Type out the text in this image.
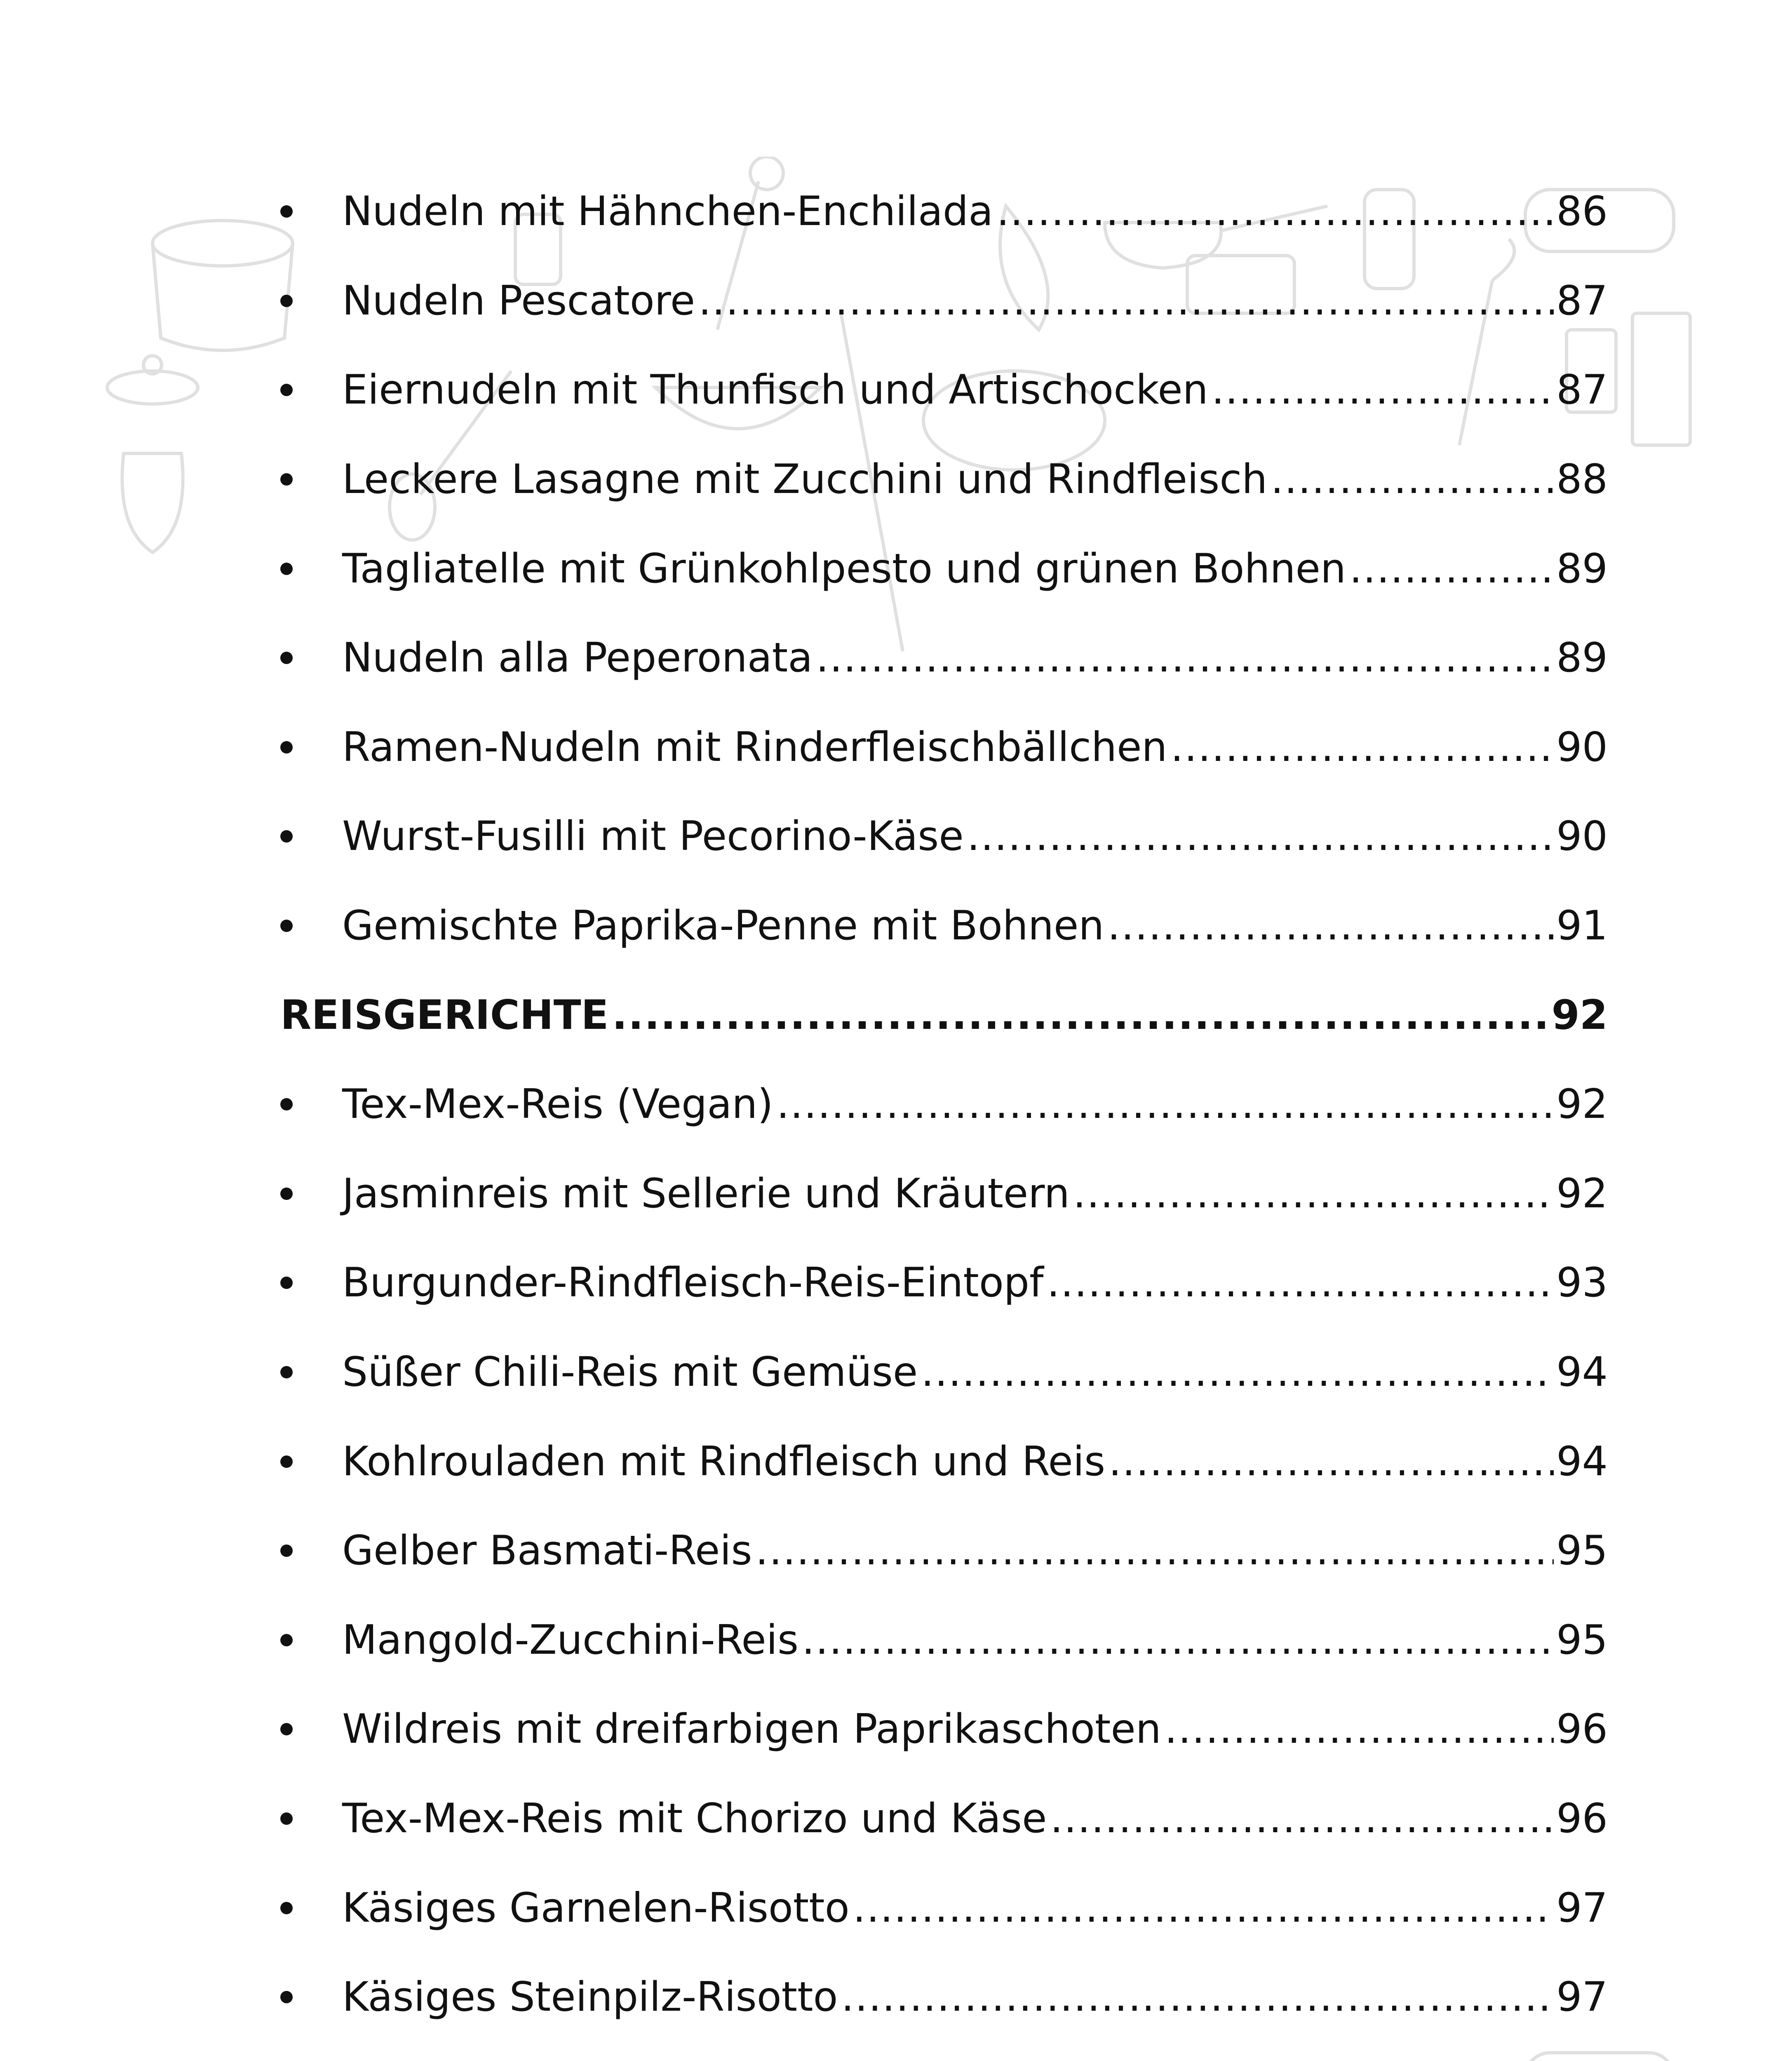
Nudeln mit Hähnchen-Enchilada .....	86
Nudeln Pescatore .....	87
Eiernudeln mit Thunfisch und Artischocken .....	87
Leckere Lasagne mit Zucchini und Rindfleisch .....	88
Tagliatelle mit Grünkohlpesto und grünen Bohnen .....	89
Nudeln alla Peperonata .....	89
Ramen-Nudeln mit Rinderfleischbällchen .....	90
Wurst-Fusilli mit Pecorino-Käse .....	90
Gemischte Paprika-Penne mit Bohnen .....	91
REISGERICHTE .....	92
Tex-Mex-Reis (Vegan) .....	92
Jasminreis mit Sellerie und Kräutern .....	92
Burgunder-Rindfleisch-Reis-Eintopf .....	93
Süßer Chili-Reis mit Gemüse .....	94
Kohlrouladen mit Rindfleisch und Reis .....	94
Gelber Basmati-Reis .....	95
Mangold-Zucchini-Reis .....	95
Wildreis mit dreifarbigen Paprikaschoten .....	96
Tex-Mex-Reis mit Chorizo und Käse .....	96
Käsiges Garnelen-Risotto .....	97
Käsiges Steinpilz-Risotto .....	97
